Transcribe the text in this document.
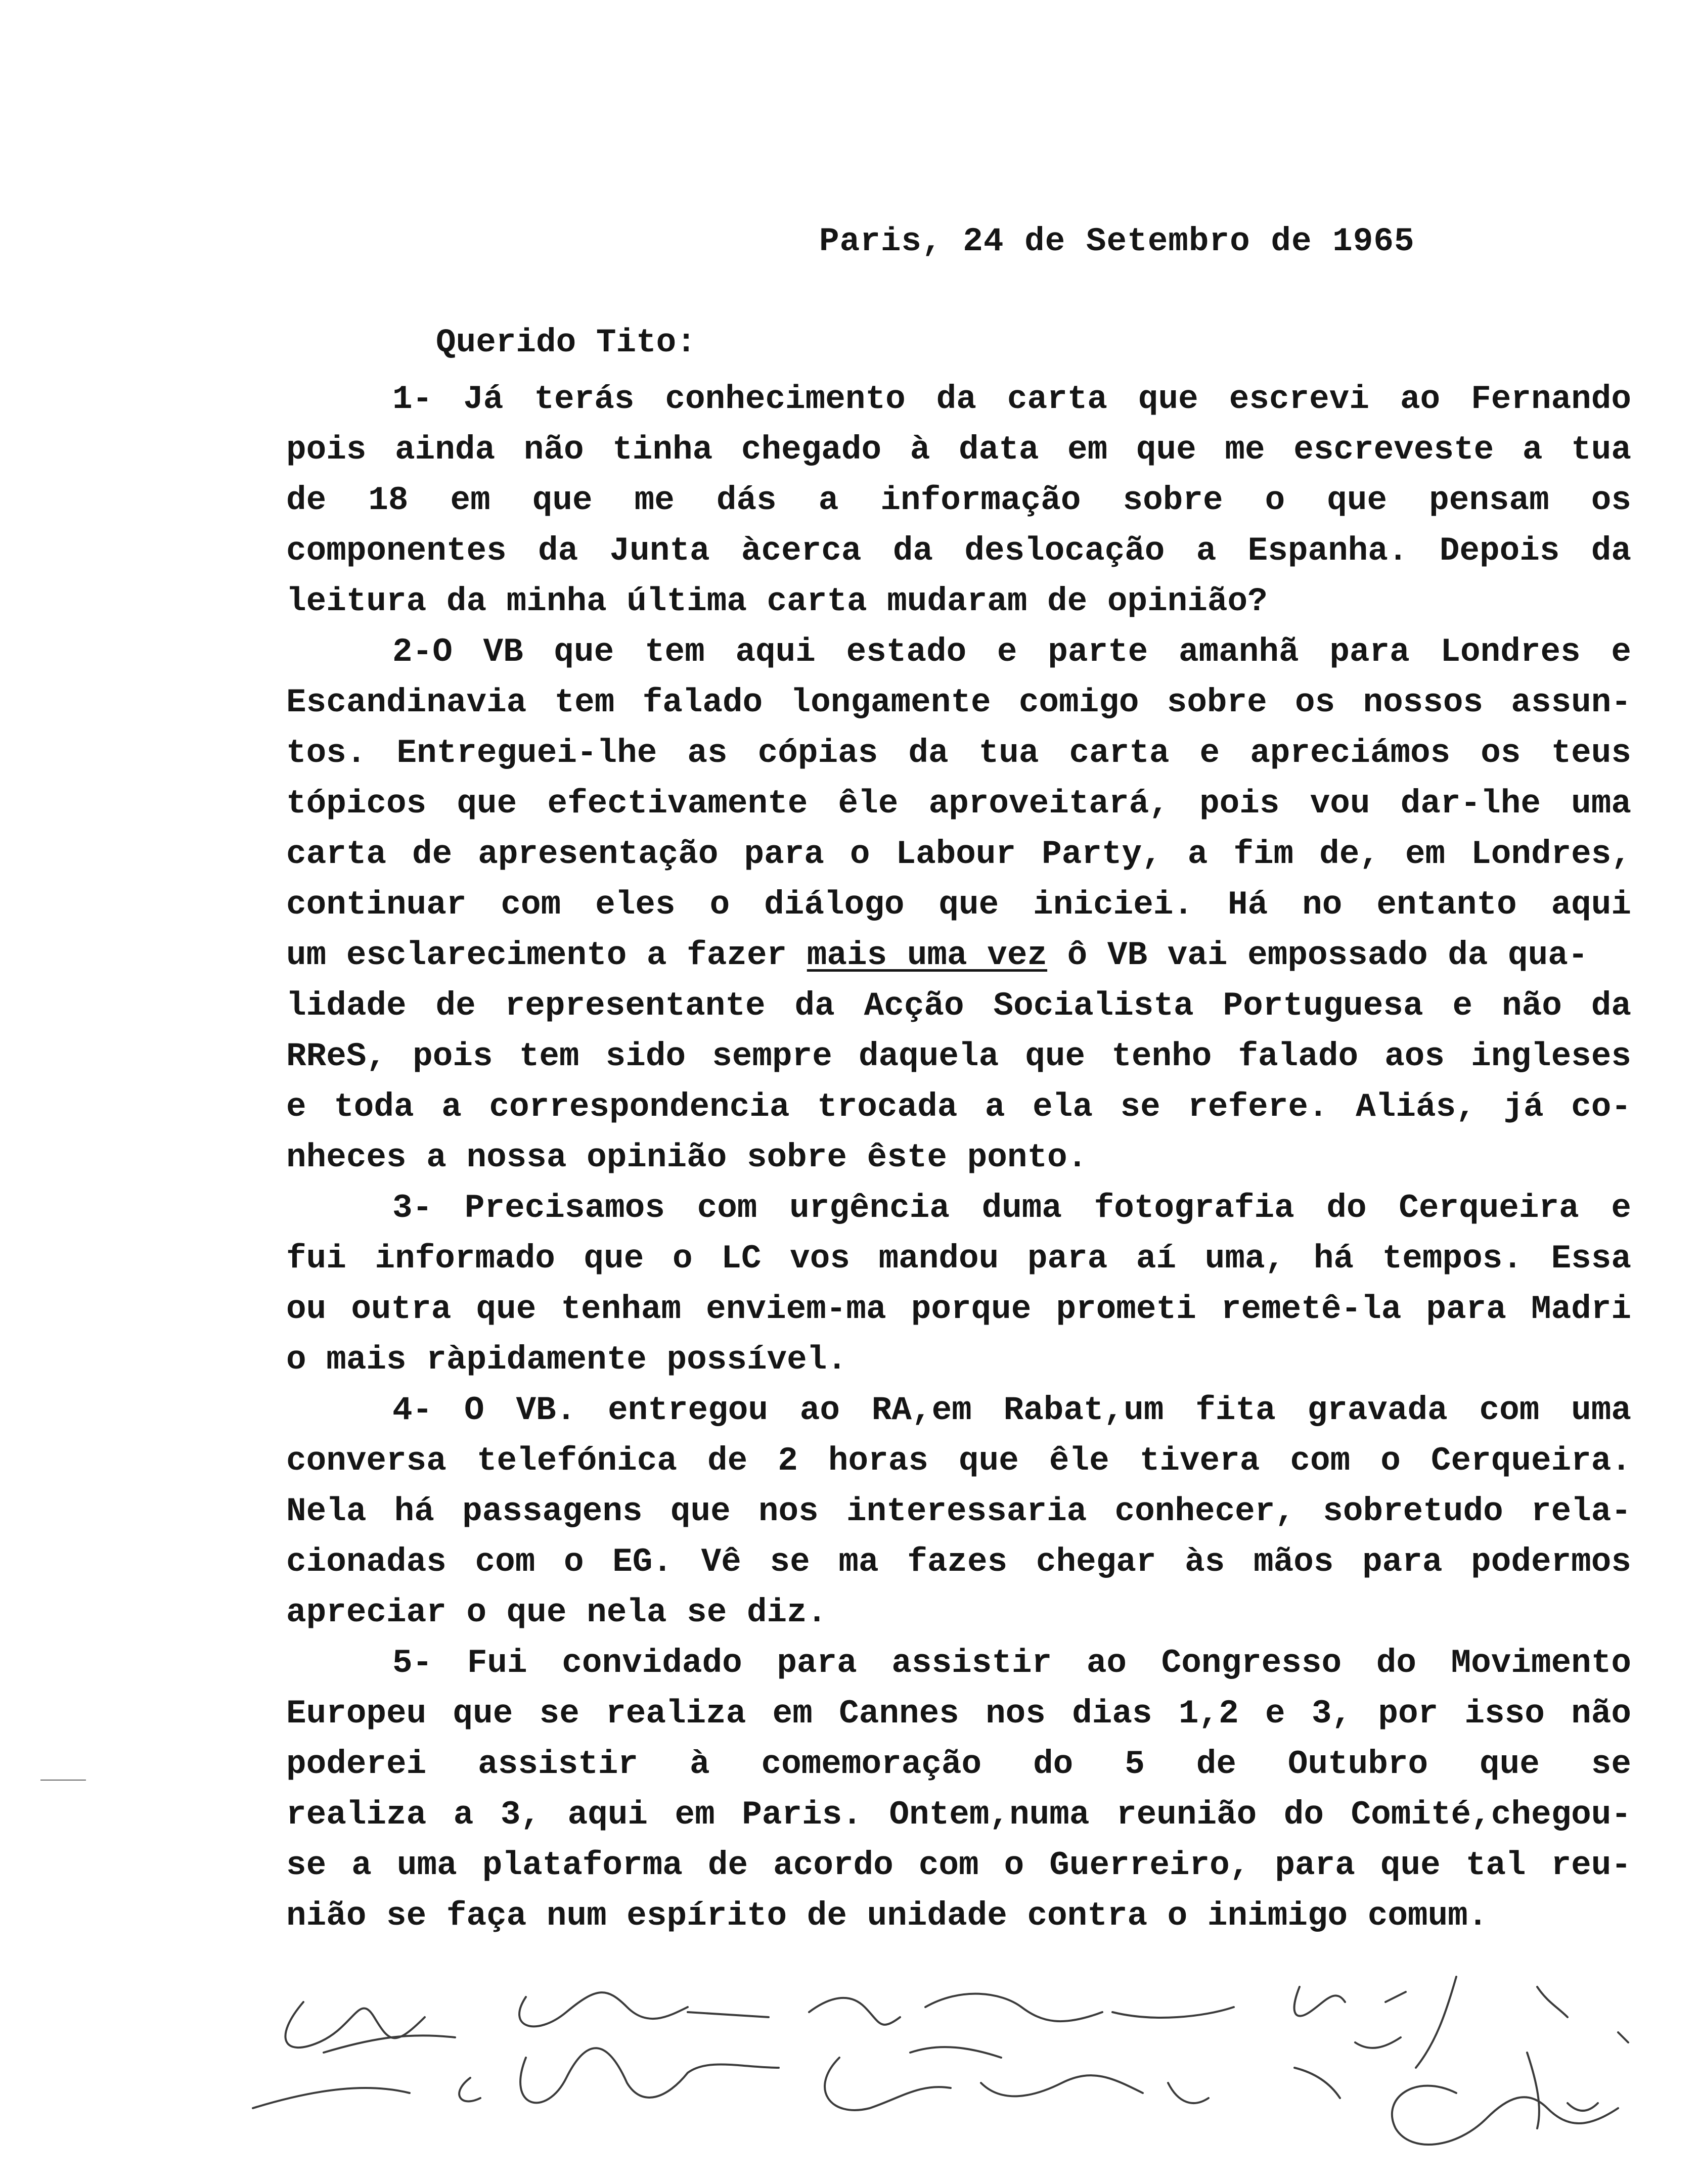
Paris, 24 de Setembro de 1965
Querido Tito:
1- Já terás conhecimento da carta que escrevi ao Fernando
pois ainda não tinha chegado à data em que me escreveste a tua
de 18 em que me dás a informação sobre o que pensam os
componentes da Junta àcerca da deslocação a Espanha. Depois da
leitura da minha última carta mudaram de opinião?
2-O VB que tem aqui estado e parte amanhã para Londres e
Escandinavia tem falado longamente comigo sobre os nossos assun-
tos. Entreguei-lhe as cópias da tua carta e apreciámos os teus
tópicos que efectivamente êle aproveitará, pois vou dar-lhe uma
carta de apresentação para o Labour Party, a fim de, em Londres,
continuar com eles o diálogo que iniciei. Há no entanto aqui
um esclarecimento a fazer mais uma vez ô VB vai empossado da qua-
lidade de representante da Acção Socialista Portuguesa e não da
RReS, pois tem sido sempre daquela que tenho falado aos ingleses
e toda a correspondencia trocada a ela se refere. Aliás, já co-
nheces a nossa opinião sobre êste ponto.
3- Precisamos com urgência duma fotografia do Cerqueira e
fui informado que o LC vos mandou para aí uma, há tempos. Essa
ou outra que tenham enviem-ma porque prometi remetê-la para Madri
o mais ràpidamente possível.
4- O VB. entregou ao RA,em Rabat,um fita gravada com uma
conversa telefónica de 2 horas que êle tivera com o Cerqueira.
Nela há passagens que nos interessaria conhecer, sobretudo rela-
cionadas com o EG. Vê se ma fazes chegar às mãos para podermos
apreciar o que nela se diz.
5- Fui convidado para assistir ao Congresso do Movimento
Europeu que se realiza em Cannes nos dias 1,2 e 3, por isso não
poderei assistir à comemoração do 5 de Outubro que se
realiza a 3, aqui em Paris. Ontem,numa reunião do Comité,chegou-
se a uma plataforma de acordo com o Guerreiro, para que tal reu-
nião se faça num espírito de unidade contra o inimigo comum.
